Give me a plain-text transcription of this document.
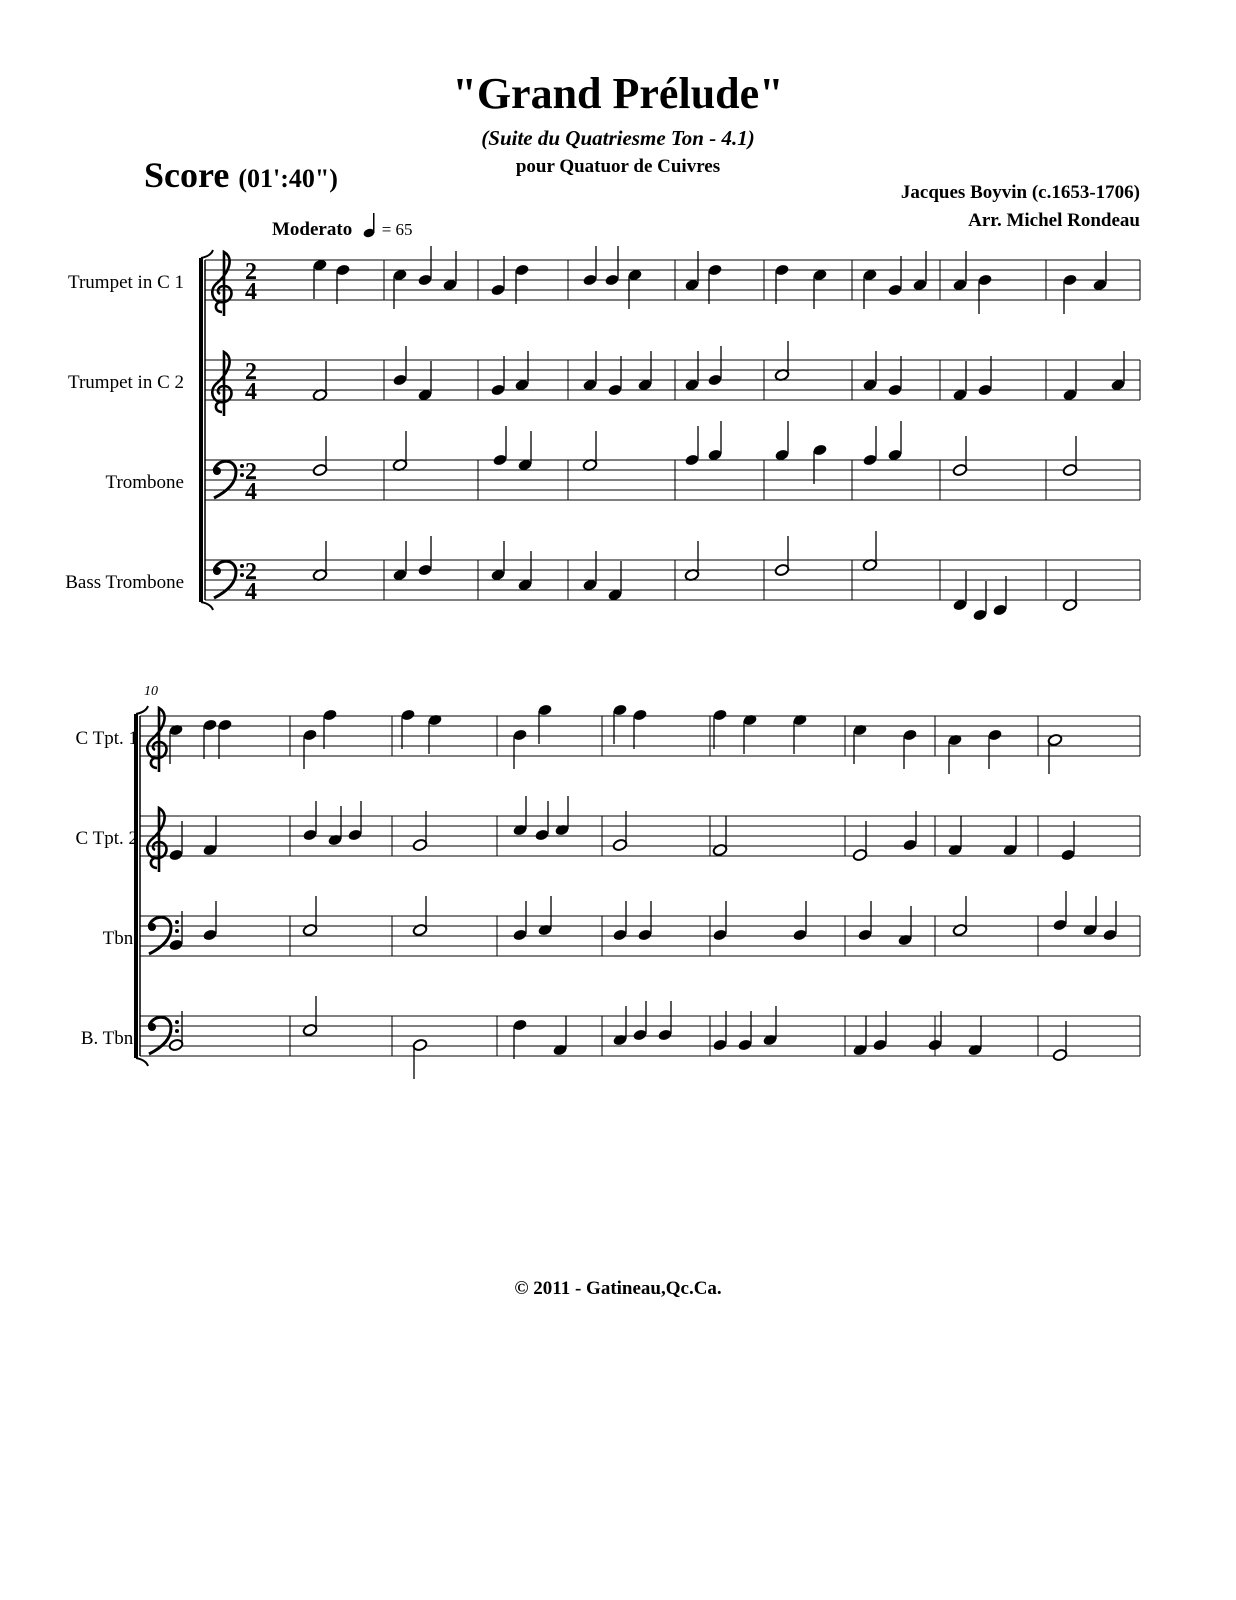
"Grand Prélude"
(Suite du Quatriesme Ton - 4.1)
pour Quatuor de Cuivres
Score (01':40")	Jacques Boyvin (c.1653-1706)
Arr. Michel Rondeau
Moderato = 65
Trumpet in C 1
Trumpet in C 2
Trombone
Bass Trombone
C Tpt. 1
C Tpt. 2
Tbn.
B. Tbn.
10
© 2011 - Gatineau,Qc.Ca.
2
4
2
4
2
4
2
4
